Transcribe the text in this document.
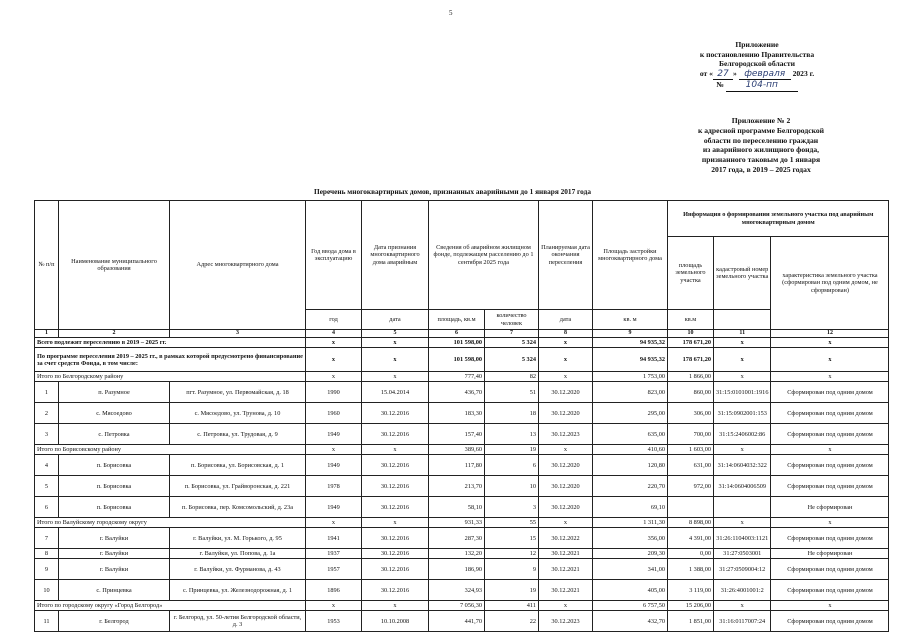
5
Приложение
к постановлению Правительства
Белгородской области
от « 27 » февраля 2023 г.
№ 104-пп
Приложение № 2
к адресной программе Белгородской
области по переселению граждан
из аварийного жилищного фонда,
признанного таковым до 1 января
2017 года, в 2019 – 2025 годах
Перечень многоквартирных домов, признанных аварийными до 1 января 2017 года
№ п/п	Наименование муниципального образования	Адрес многоквартирного дома	Год ввода дома в эксплуатацию	Дата признания многоквартирного дома аварийным	Сведения об аварийном жилищном фонде, подлежащем расселению до 1 сентября 2025 года		Планируемая дата окончания переселения	Площадь застройки многоквартирного дома	Информация о формировании земельного участка под аварийным многоквартирным домом		
									площадь земельного участка	кадастровый номер земельного участка	характеристика земельного участка (сформирован под одним домом, не сформирован)
			год	дата	площадь, кв.м	количество человек	дата	кв. м	кв.м		
1	2	3	4	5	6	7	8	9	10	11	12
Всего подлежит переселению в 2019 – 2025 гг.			x	x	101 598,00	5 324	x	94 935,32	178 671,20	x	x
По программе переселения 2019 – 2025 гг., в рамках которой предусмотрено финансирование за счет средств Фонда, в том числе:			x	x	101 598,00	5 324	x	94 935,32	178 671,20	x	x
Итого по Белгородскому району			x	x	777,40	82	x	1 753,00	1 866,00	x	x
1	п. Разумное	пгт. Разумное, ул. Первомайская, д. 18	1990	15.04.2014	436,70	51	30.12.2020	823,00	860,00	31:15:0101001:1916	Сформирован под одним домом
2	с. Мясоедово	с. Мясоедово, ул. Трунова, д. 10	1960	30.12.2016	183,30	18	30.12.2020	295,00	306,00	31:15:0902001:153	Сформирован под одним домом
3	с. Петровка	с. Петровка, ул. Трудовая, д. 9	1949	30.12.2016	157,40	13	30.12.2023	635,00	700,00	31:15:2406002:86	Сформирован под одним домом
Итого по Борисовскому району			x	x	389,60	19	x	410,60	1 603,00	x	x
4	п. Борисовка	п. Борисовка, ул. Борисовская, д. 1	1949	30.12.2016	117,80	6	30.12.2020	120,80	631,00	31:14:0604032:322	Сформирован под одним домом
5	п. Борисовка	п. Борисовка, ул. Грайворонская, д. 221	1978	30.12.2016	213,70	10	30.12.2020	220,70	972,00	31:14:0604006509	Сформирован под одним домом
6	п. Борисовка	п. Борисовка, пер. Комсомольский, д. 23а	1949	30.12.2016	58,10	3	30.12.2020	69,10			Не сформирован
Итого по Валуйскому городскому округу			x	x	931,33	55	x	1 311,30	8 898,00	x	x
7	г. Валуйки	г. Валуйки, ул. М. Горького, д. 95	1941	30.12.2016	287,30	15	30.12.2022	356,00	4 391,00	31:26:1104003:1121	Сформирован под одним домом
8	г. Валуйки	г. Валуйки, ул. Попова, д. 1а	1937	30.12.2016	132,20	12	30.12.2021	209,30	0,00	31:27:0503001	Не сформирован
9	г. Валуйки	г. Валуйки, ул. Фурманова, д. 43	1957	30.12.2016	186,90	9	30.12.2021	341,00	1 388,00	31:27:0509004:12	Сформирован под одним домом
10	с. Принцевка	с. Принцевка, ул. Железнодорожная, д. 1	1896	30.12.2016	324,93	19	30.12.2021	405,00	3 119,00	31:26:4001001:2	Сформирован под одним домом
Итого по городскому округу «Город Белгород»			x	x	7 056,30	411	x	6 757,50	15 206,00	x	x
11	г. Белгород	г. Белгород, ул. 50-летия Белгородской области, д. 3	1953	10.10.2008	441,70	22	30.12.2023	432,70	1 851,00	31:16:0117007:24	Сформирован под одним домом
